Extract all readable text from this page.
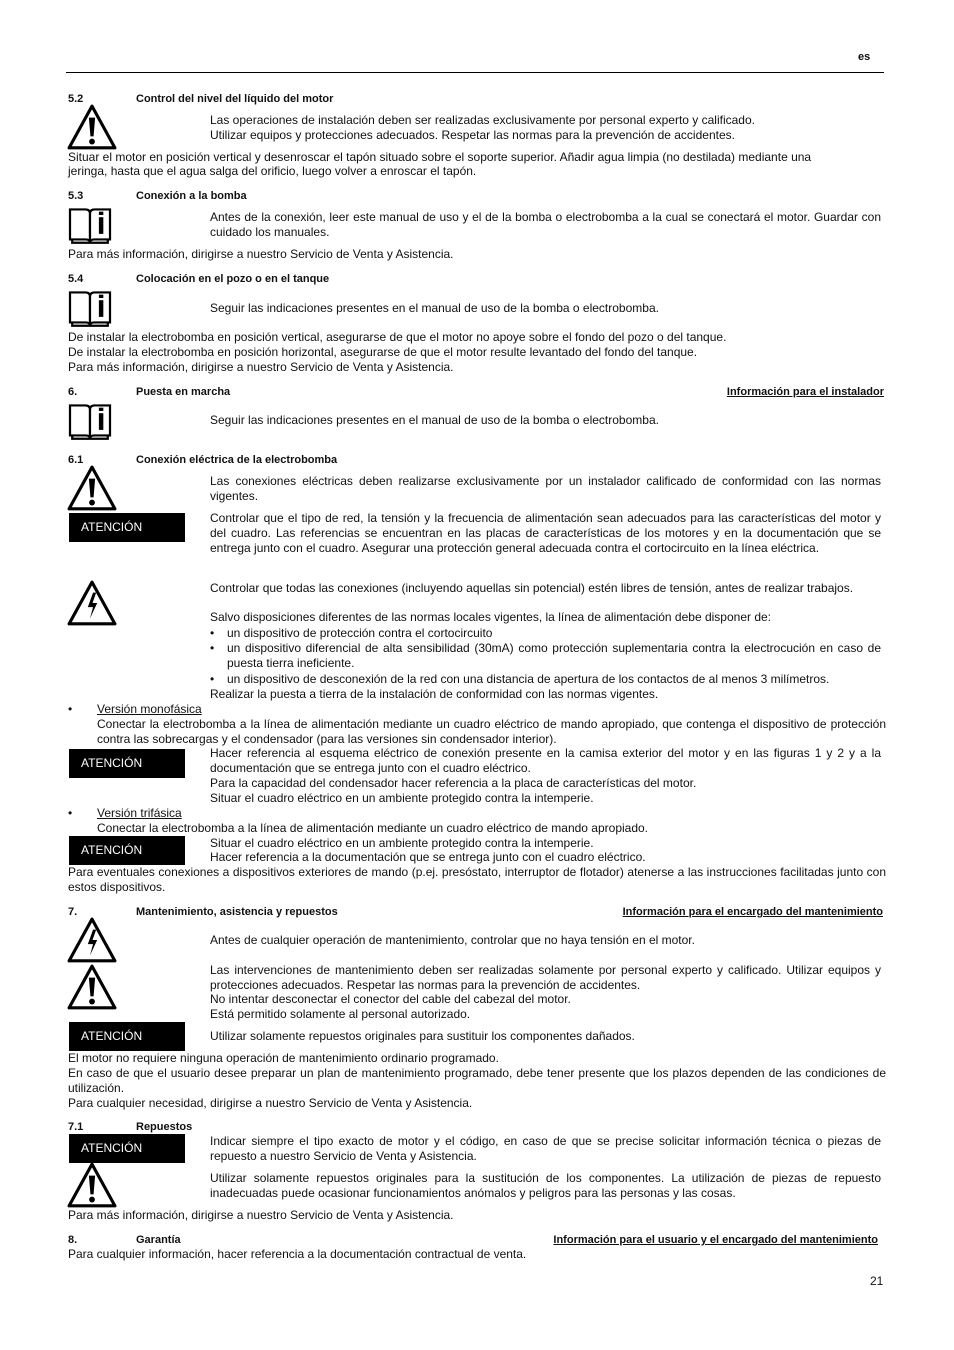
es
5.2	Control del nivel del líquido del motor

Las operaciones de instalación deben ser realizadas exclusivamente por personal experto y calificado.

Utilizar equipos y protecciones adecuados. Respetar las normas para la prevención de accidentes.

Situar el motor en posición vertical y desenroscar el tapón situado sobre el soporte superior. Añadir agua limpia (no destilada) mediante una

jeringa, hasta que el agua salga del orificio, luego volver a enroscar el tapón.

5.3	Conexión a la bomba

Antes de la conexión, leer este manual de uso y el de la bomba o electrobomba a la cual se conectará el motor. Guardar con cuidado los manuales.

Para más información, dirigirse a nuestro Servicio de Venta y Asistencia.

5.4	Colocación en el pozo o en el tanque

Seguir las indicaciones presentes en el manual de uso de la bomba o electrobomba.

De instalar la electrobomba en posición vertical, asegurarse de que el motor no apoye sobre el fondo del pozo o del tanque.

De instalar la electrobomba en posición horizontal, asegurarse de que el motor resulte levantado del fondo del tanque.

Para más información, dirigirse a nuestro Servicio de Venta y Asistencia.

6.	Puesta en marcha	Información para el instalador

Seguir las indicaciones presentes en el manual de uso de la bomba o electrobomba.

6.1	Conexión eléctrica de la electrobomba

Las conexiones eléctricas deben realizarse exclusivamente por un instalador calificado de conformidad con las normas vigentes.

ATENCIÓN

Controlar que el tipo de red, la tensión y la frecuencia de alimentación sean adecuados para las características del motor y del cuadro. Las referencias se encuentran en las placas de características de los motores y en la documentación que se entrega junto con el cuadro. Asegurar una protección general adecuada contra el cortocircuito en la línea eléctrica.

Controlar que todas las conexiones (incluyendo aquellas sin potencial) estén libres de tensión, antes de realizar trabajos.

Salvo disposiciones diferentes de las normas locales vigentes, la línea de alimentación debe disponer de:

•	un dispositivo de protección contra el cortocircuito
•	un dispositivo diferencial de alta sensibilidad (30mA) como protección suplementaria contra la electrocución en caso de puesta tierra ineficiente.
•	un dispositivo de desconexión de la red con una distancia de apertura de los contactos de al menos 3 milímetros.

Realizar la puesta a tierra de la instalación de conformidad con las normas vigentes.

• Versión monofásica

Conectar la electrobomba a la línea de alimentación mediante un cuadro eléctrico de mando apropiado, que contenga el dispositivo de protección contra las sobrecargas y el condensador (para las versiones sin condensador interior).

ATENCIÓN

Hacer referencia al esquema eléctrico de conexión presente en la camisa exterior del motor y en las figuras 1 y 2 y a la documentación que se entrega junto con el cuadro eléctrico.

Para la capacidad del condensador hacer referencia a la placa de características del motor.

Situar el cuadro eléctrico en un ambiente protegido contra la intemperie.

• Versión trifásica

Conectar la electrobomba a la línea de alimentación mediante un cuadro eléctrico de mando apropiado.

ATENCIÓN	Situar el cuadro eléctrico en un ambiente protegido contra la intemperie.

Hacer referencia a la documentación que se entrega junto con el cuadro eléctrico.

Para eventuales conexiones a dispositivos exteriores de mando (p.ej. presóstato, interruptor de flotador) atenerse a las instrucciones facilitadas junto con estos dispositivos.

7.	Mantenimiento, asistencia y repuestos	Información para el encargado del mantenimiento

Antes de cualquier operación de mantenimiento, controlar que no haya tensión en el motor.

Las intervenciones de mantenimiento deben ser realizadas solamente por personal experto y calificado. Utilizar equipos y protecciones adecuados. Respetar las normas para la prevención de accidentes.

No intentar desconectar el conector del cable del cabezal del motor.

Está permitido solamente al personal autorizado.

ATENCIÓN	Utilizar solamente repuestos originales para sustituir los componentes dañados.

El motor no requiere ninguna operación de mantenimiento ordinario programado.

En caso de que el usuario desee preparar un plan de mantenimiento programado, debe tener presente que los plazos dependen de las condiciones de utilización.

Para cualquier necesidad, dirigirse a nuestro Servicio de Venta y Asistencia.

7.1	Repuestos
ATENCIÓN	Indicar siempre el tipo exacto de motor y el código, en caso de que se precise solicitar información técnica o piezas de repuesto a nuestro Servicio de Venta y Asistencia.

Utilizar solamente repuestos originales para la sustitución de los componentes. La utilización de piezas de repuesto inadecuadas puede ocasionar funcionamientos anómalos y peligros para las personas y las cosas.

Para más información, dirigirse a nuestro Servicio de Venta y Asistencia.

8.	Garantía	Información para el usuario y el encargado del mantenimiento

Para cualquier información, hacer referencia a la documentación contractual de venta.

21
